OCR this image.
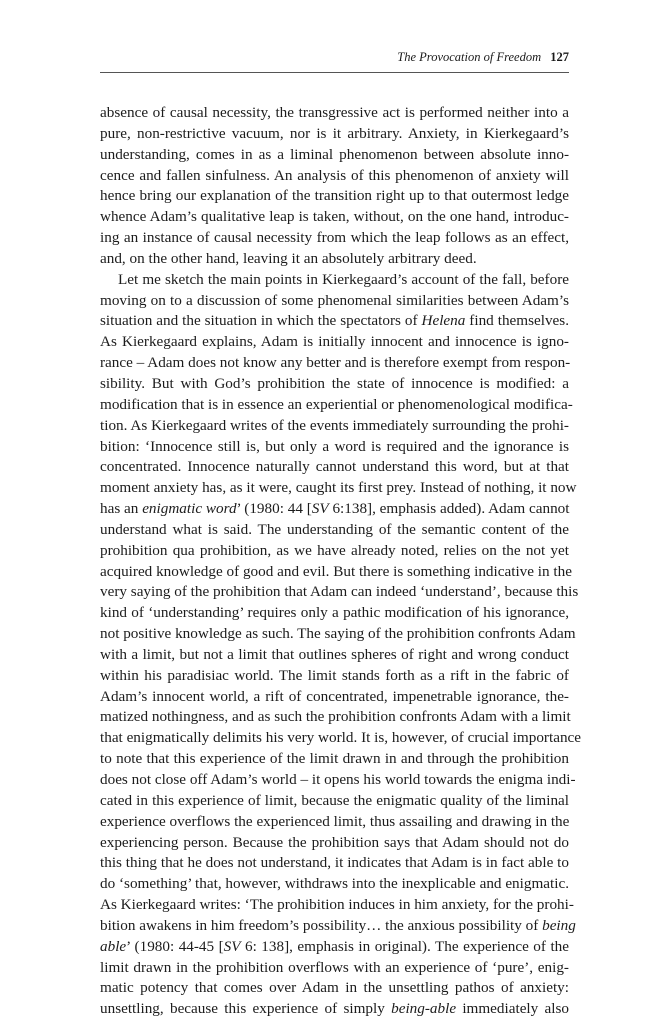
The Provocation of Freedom 127
absence of causal necessity, the transgressive act is performed neither into a
pure, non-restrictive vacuum, nor is it arbitrary. Anxiety, in Kierkegaard’s
understanding, comes in as a liminal phenomenon between absolute inno-
cence and fallen sinfulness. An analysis of this phenomenon of anxiety will
hence bring our explanation of the transition right up to that outermost ledge
whence Adam’s qualitative leap is taken, without, on the one hand, introduc-
ing an instance of causal necessity from which the leap follows as an effect,
and, on the other hand, leaving it an absolutely arbitrary deed.
Let me sketch the main points in Kierkegaard’s account of the fall, before
moving on to a discussion of some phenomenal similarities between Adam’s
situation and the situation in which the spectators of Helena find themselves.
As Kierkegaard explains, Adam is initially innocent and innocence is igno-
rance – Adam does not know any better and is therefore exempt from respon-
sibility. But with God’s prohibition the state of innocence is modified: a
modification that is in essence an experiential or phenomenological modifica-
tion. As Kierkegaard writes of the events immediately surrounding the prohi-
bition: ‘Innocence still is, but only a word is required and the ignorance is
concentrated. Innocence naturally cannot understand this word, but at that
moment anxiety has, as it were, caught its first prey. Instead of nothing, it now
has an enigmatic word’ (1980: 44 [SV 6:138], emphasis added). Adam cannot
understand what is said. The understanding of the semantic content of the
prohibition qua prohibition, as we have already noted, relies on the not yet
acquired knowledge of good and evil. But there is something indicative in the
very saying of the prohibition that Adam can indeed ‘understand’, because this
kind of ‘understanding’ requires only a pathic modification of his ignorance,
not positive knowledge as such. The saying of the prohibition confronts Adam
with a limit, but not a limit that outlines spheres of right and wrong conduct
within his paradisiac world. The limit stands forth as a rift in the fabric of
Adam’s innocent world, a rift of concentrated, impenetrable ignorance, the-
matized nothingness, and as such the prohibition confronts Adam with a limit
that enigmatically delimits his very world. It is, however, of crucial importance
to note that this experience of the limit drawn in and through the prohibition
does not close off Adam’s world – it opens his world towards the enigma indi-
cated in this experience of limit, because the enigmatic quality of the liminal
experience overflows the experienced limit, thus assailing and drawing in the
experiencing person. Because the prohibition says that Adam should not do
this thing that he does not understand, it indicates that Adam is in fact able to
do ‘something’ that, however, withdraws into the inexplicable and enigmatic.
As Kierkegaard writes: ‘The prohibition induces in him anxiety, for the prohi-
bition awakens in him freedom’s possibility… the anxious possibility of being
able’ (1980: 44-45 [SV 6: 138], emphasis in original). The experience of the
limit drawn in the prohibition overflows with an experience of ‘pure’, enig-
matic potency that comes over Adam in the unsettling pathos of anxiety:
unsettling, because this experience of simply being-able immediately also
